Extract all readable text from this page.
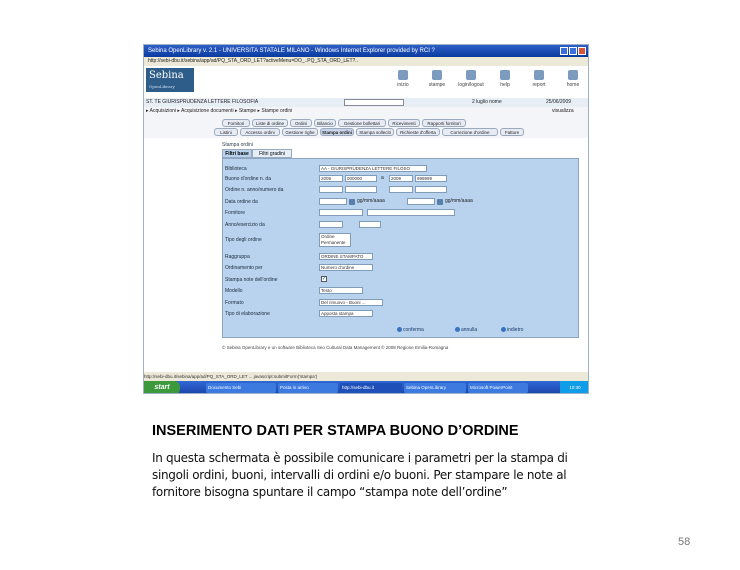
Sebina OpenLibrary v. 2.1 - UNIVERSITA STATALE MILANO - Windows Internet Explorer provided by RCI ?
http://sebi-dbu.it/sebina/app/ad/PQ_STA_ORD_LET?activeMenu=DO_..PQ_STA_ORD_LET?..
Sebina
OpenLibrary	inizio	stampe	login/logout	help	report	home
ST. TE GIURISPRUDENZA LETTERE FILOSOFIA	2 luglio nome	25/06/2009
▸ Acquisizioni ▸ Acquisizione documenti ▸ Stampe ▸ Stampe ordini	visualizza
Fornitori	Liste di ordine	Ordini	Bilancio	Gestione bollettari	Ricevimenti	Rapporti fornitori
Listini	Accesso ordini	Gestione righe	Stampa ordini	Stampa solleciti	Richieste d'offerta	Correzione d'ordine	Fatture
Stampa ordini
Filtri base	Filtri gradini
Biblioteca	AA - GIURISPRUDENZA LETTERE FILOSO
Buono d'ordine n. da	2009	000000	a	2009	999999
Ordine n. anno/numero da
Data ordine da	gg/mm/aaaa	gg/mm/aaaa
Fornitore
Anno/esercizio da
Tipo degli ordine
Ordine
Permanente
Raggruppa	ORDINE STAMPATO
Ordinamento per	Numero d'ordine
Stampa note dell'ordine	✓
Modello	Testo
Formato	Del rimuovo - Buoni ...
Tipo di elaborazione	Apposta stampa
conferma	annulla	indietro
© Sebina OpenLibrary e un software Biblioteca Seo Cultural Data Management © 2008 Regione Emilia-Romagna
http://sebi-dbu.it/sebina/app/ad/PQ_STA_ORD_LET ... javascript:submitForm('stampa')
start	Documento Sebi	Posta in arrivo	http://sebi-dbu.it	Sebina OpenLibrary	Microsoft PowerPoint	10:30
INSERIMENTO DATI PER STAMPA BUONO D’ORDINE
In questa schermata è possibile comunicare i parametri per la stampa di singoli ordini, buoni, intervalli di ordini e/o buoni. Per stampare le note al fornitore bisogna spuntare il campo “stampa note dell’ordine”
58
